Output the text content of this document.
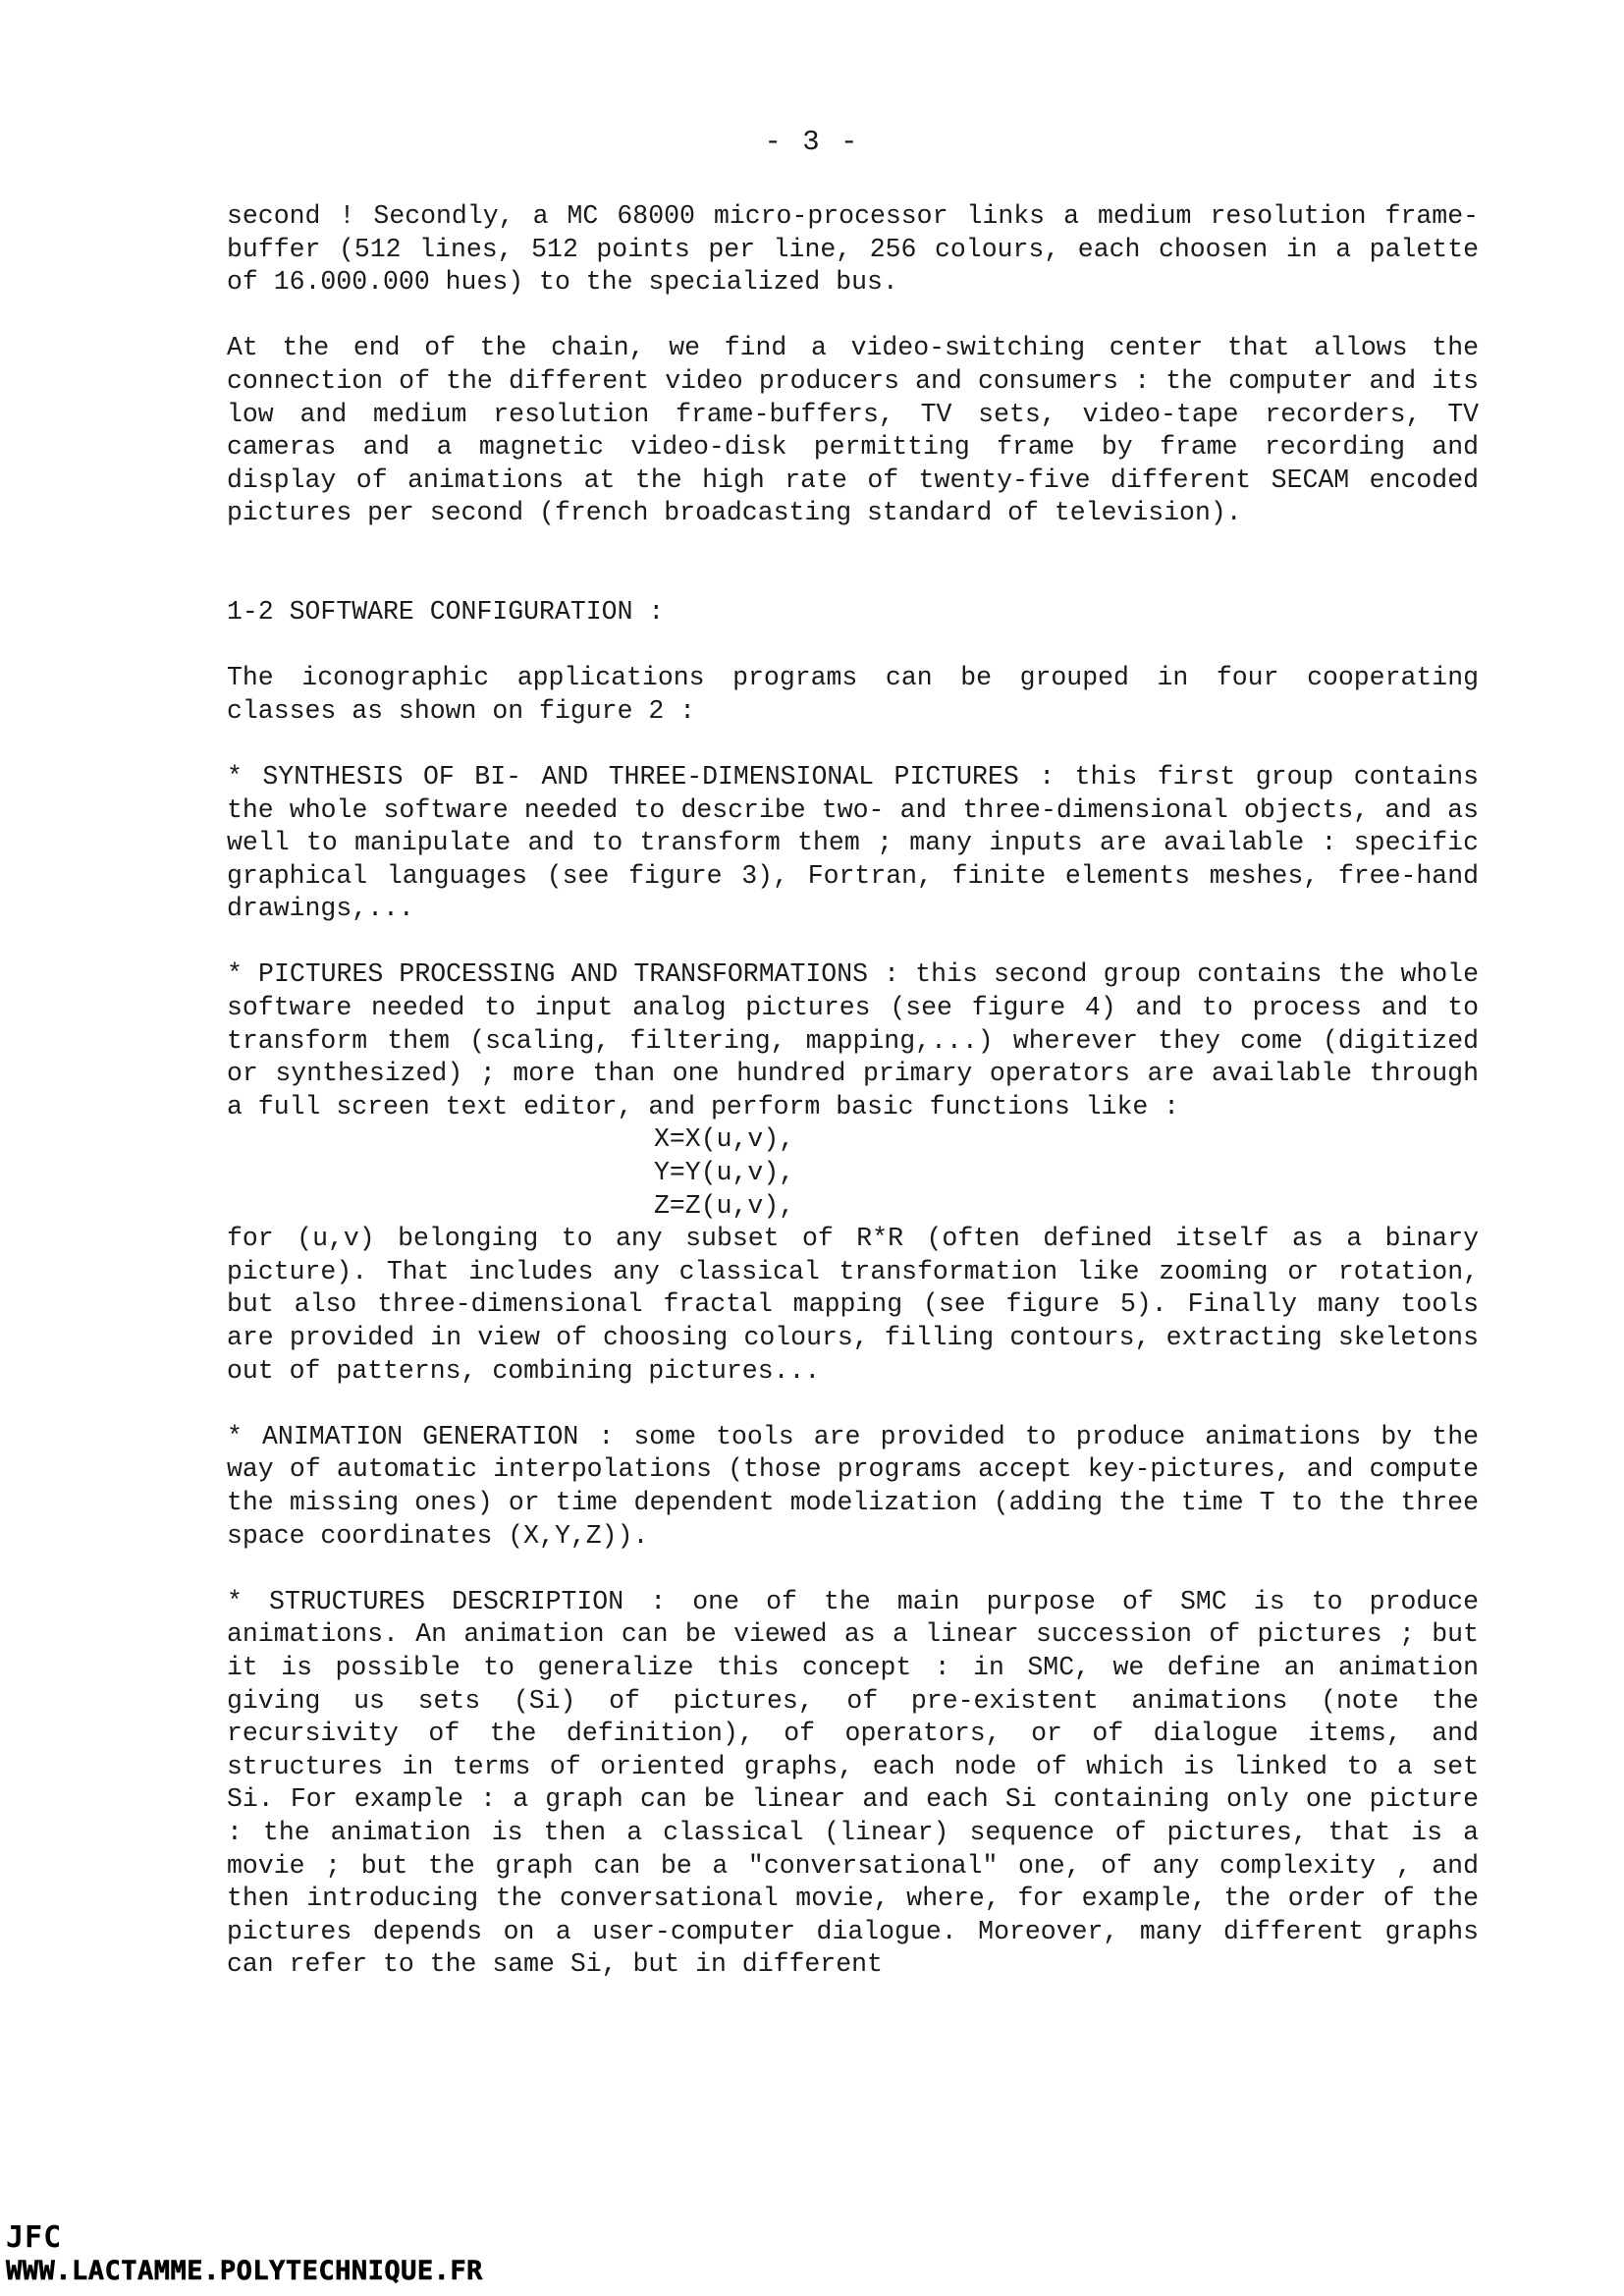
- 3 -

second ! Secondly, a MC 68000 micro-processor links a medium resolution frame-buffer (512 lines, 512 points per line, 256 colours, each choosen in a palette of 16.000.000 hues) to the specialized bus.

At the end of the chain, we find a video-switching center that allows the connection of the different video producers and consumers : the computer and its low and medium resolution frame-buffers, TV sets, video-tape recorders, TV cameras and a magnetic video-disk permitting frame by frame recording and display of animations at the high rate of twenty-five different SECAM encoded pictures per second (french broadcasting standard of television).

1-2 SOFTWARE CONFIGURATION :

The iconographic applications programs can be grouped in four cooperating classes as shown on figure 2 :

* SYNTHESIS OF BI- AND THREE-DIMENSIONAL PICTURES : this first group contains the whole software needed to describe two- and three-dimensional objects, and as well to manipulate and to transform them ; many inputs are available : specific graphical languages (see figure 3), Fortran, finite elements meshes, free-hand drawings,...

* PICTURES PROCESSING AND TRANSFORMATIONS : this second group contains the whole software needed to input analog pictures (see figure 4) and to process and to transform them (scaling, filtering, mapping,...) wherever they come (digitized or synthesized) ; more than one hundred primary operators are available through a full screen text editor, and perform basic functions like :

X=X(u,v),
Y=Y(u,v),
Z=Z(u,v),

for (u,v) belonging to any subset of R*R (often defined itself as a binary picture). That includes any classical transformation like zooming or rotation, but also three-dimensional fractal mapping (see figure 5). Finally many tools are provided in view of choosing colours, filling contours, extracting skeletons out of patterns, combining pictures...

* ANIMATION GENERATION : some tools are provided to produce animations by the way of automatic interpolations (those programs accept key-pictures, and compute the missing ones) or time dependent modelization (adding the time T to the three space coordinates (X,Y,Z)).

* STRUCTURES DESCRIPTION : one of the main purpose of SMC is to produce animations. An animation can be viewed as a linear succession of pictures ; but it is possible to generalize this concept : in SMC, we define an animation giving us sets (Si) of pictures, of pre-existent animations (note the recursivity of the definition), of operators, or of dialogue items, and structures in terms of oriented graphs, each node of which is linked to a set Si. For example : a graph can be linear and each Si containing only one picture : the animation is then a classical (linear) sequence of pictures, that is a movie ; but the graph can be a "conversational" one, of any complexity , and then introducing the conversational movie, where, for example, the order of the pictures depends on a user-computer dialogue. Moreover, many different graphs can refer to the same Si, but in different

JFC
WWW.LACTAMME.POLYTECHNIQUE.FR
